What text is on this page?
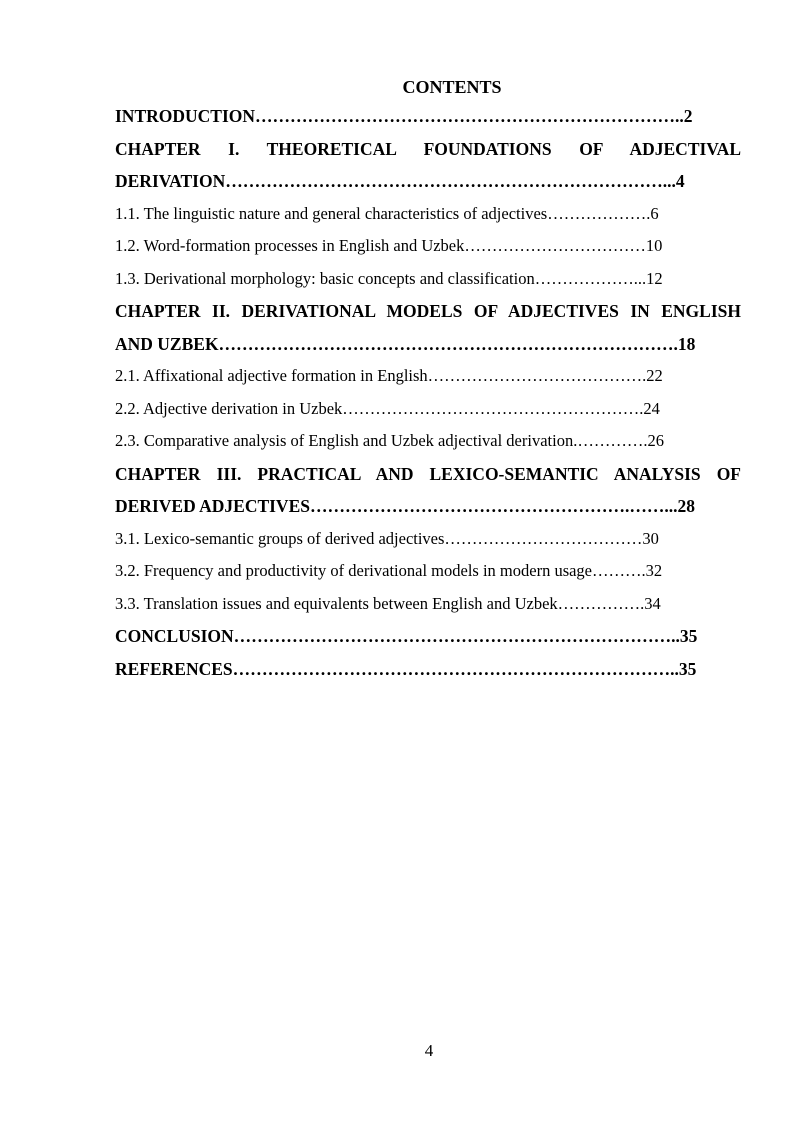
CONTENTS
INTRODUCTION………………………………………………………………..2
CHAPTER I. THEORETICAL FOUNDATIONS OF ADJECTIVAL
DERIVATION…………………………………………………………………...4
1.1. The linguistic nature and general characteristics of adjectives……………….6
1.2. Word-formation processes in English and Uzbek……………………………10
1.3. Derivational morphology: basic concepts and classification………………...12
CHAPTER II. DERIVATIONAL MODELS OF ADJECTIVES IN ENGLISH
AND UZBEK…………………………………………………………………….18
2.1. Affixational adjective formation in English………………………………….22
2.2. Adjective derivation in Uzbek……………………………………………….24
2.3. Comparative analysis of English and Uzbek adjectival derivation.………….26
CHAPTER III. PRACTICAL AND LEXICO-SEMANTIC ANALYSIS OF
DERIVED ADJECTIVES……………………………………………….……...28
3.1. Lexico-semantic groups of derived adjectives………………………………30
3.2. Frequency and productivity of derivational models in modern usage……….32
3.3. Translation issues and equivalents between English and Uzbek…………….34
CONCLUSION…………………………………………………………………..35
REFERENCES…………………………………………………………………..35
4
